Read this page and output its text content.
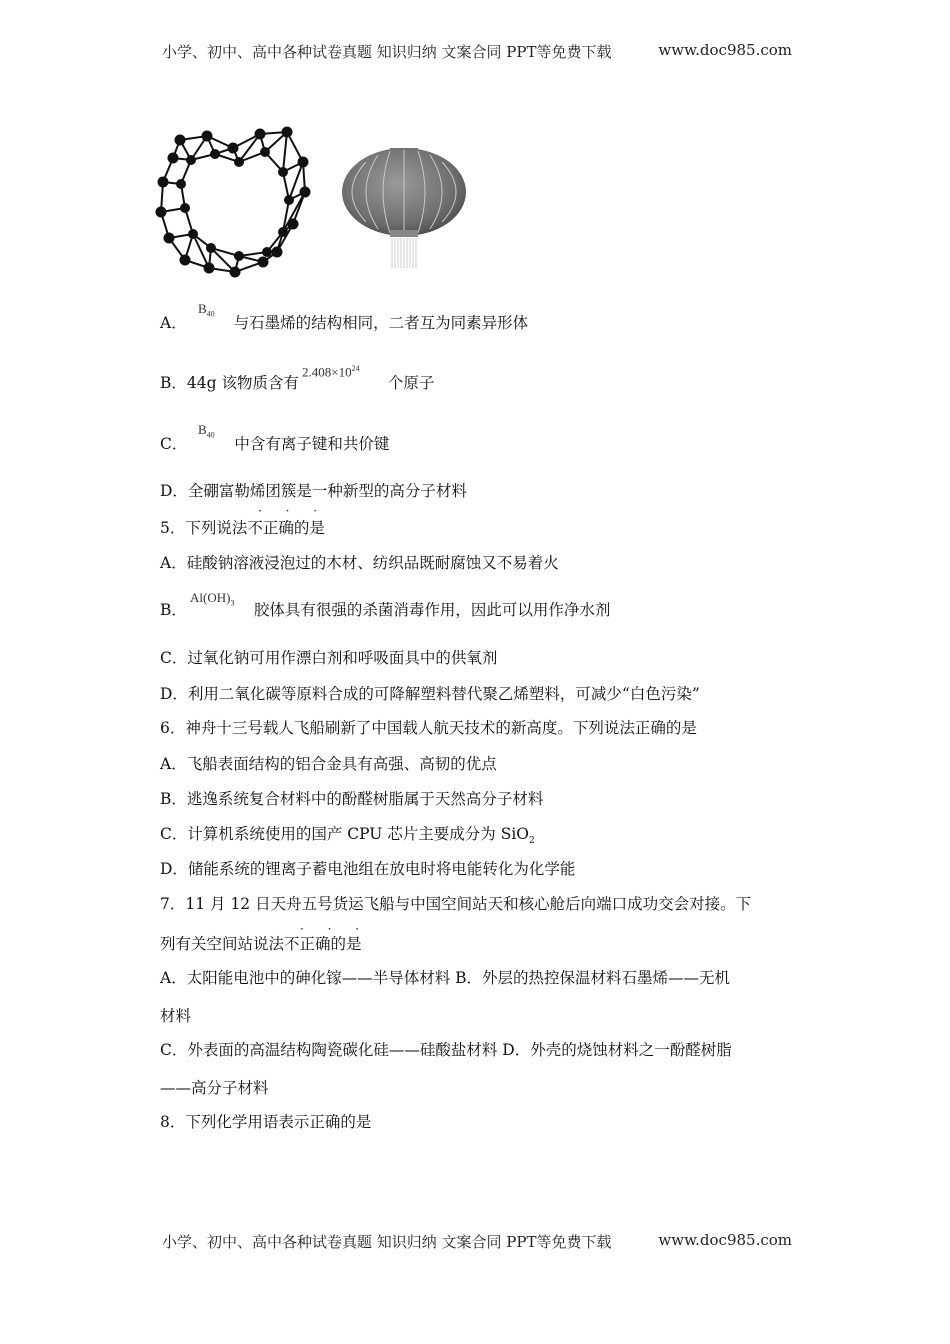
小学、初中、高中各种试卷真题 知识归纳 文案合同 PPT等免费下载	www.doc985.com
A．
$B_{40}$ 与石墨烯的结构相同，二者互为同素异形体
B．44g 该物质含有
$2.408\times 10^{24}$
个原子
C．
$B_{40}$ 中含有离子键和共价键
D．全硼富勒烯团簇是一种新型的高分子材料
· · ·
5．下列说法不正确的是
A．硅酸钠溶液浸泡过的木材、纺织品既耐腐蚀又不易着火
B．
$Al(OH)_3$ 胶体具有很强的杀菌消毒作用，因此可以用作净水剂
C．过氧化钠可用作漂白剂和呼吸面具中的供氧剂
D．利用二氧化碳等原料合成的可降解塑料替代聚乙烯塑料，可减少“白色污染”
6．神舟十三号载人飞船刷新了中国载人航天技术的新高度。下列说法正确的是
A．飞船表面结构的铝合金具有高强、高韧的优点
B．逃逸系统复合材料中的酚醛树脂属于天然高分子材料
C．计算机系统使用的国产 CPU 芯片主要成分为 SiO$_2$
D．储能系统的锂离子蓄电池组在放电时将电能转化为化学能
7．11 月 12 日天舟五号货运飞船与中国空间站天和核心舱后向端口成功交会对接。下
· · ·
列有关空间站说法不正确的是
A．太阳能电池中的砷化镓——半导体材料 B．外层的热控保温材料石墨烯——无机
材料
C．外表面的高温结构陶瓷碳化硅——硅酸盐材料 D．外壳的烧蚀材料之一酚醛树脂
——高分子材料
8．下列化学用语表示正确的是
小学、初中、高中各种试卷真题 知识归纳 文案合同 PPT等免费下载	www.doc985.com
